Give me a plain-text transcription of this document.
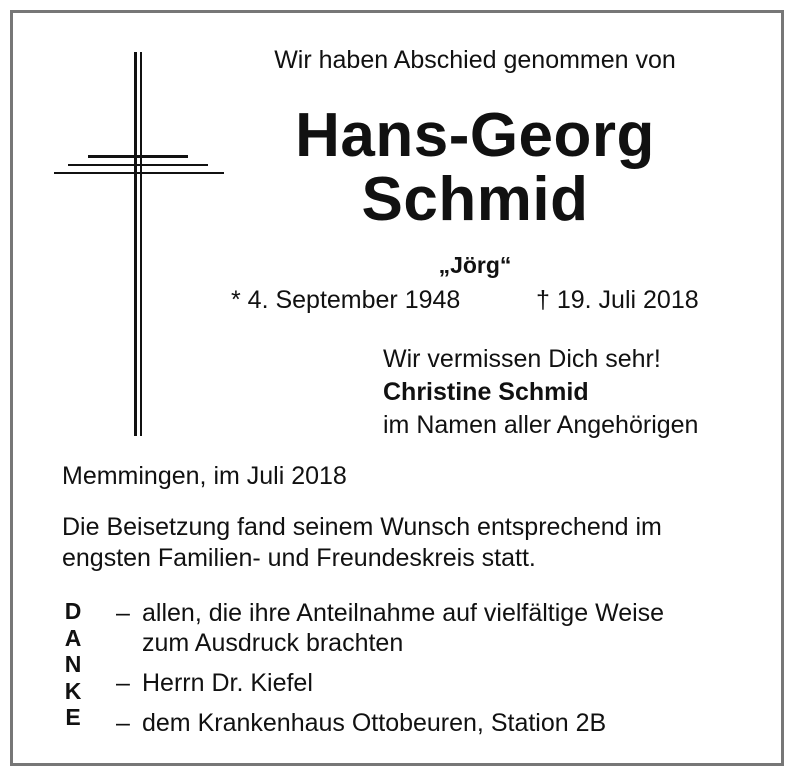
Wir haben Abschied genommen von
Hans-Georg
Schmid
„Jörg“
* 4. September 1948	† 19. Juli 2018
Wir vermissen Dich sehr!
Christine Schmid
im Namen aller Angehörigen
Memmingen, im Juli 2018
Die Beisetzung fand seinem Wunsch entsprechend im
engsten Familien- und Freundeskreis statt.
D
A
N
K
E
– allen, die ihre Anteilnahme auf vielfältige Weise
zum Ausdruck brachten
– Herrn Dr. Kiefel
– dem Krankenhaus Ottobeuren, Station 2B
